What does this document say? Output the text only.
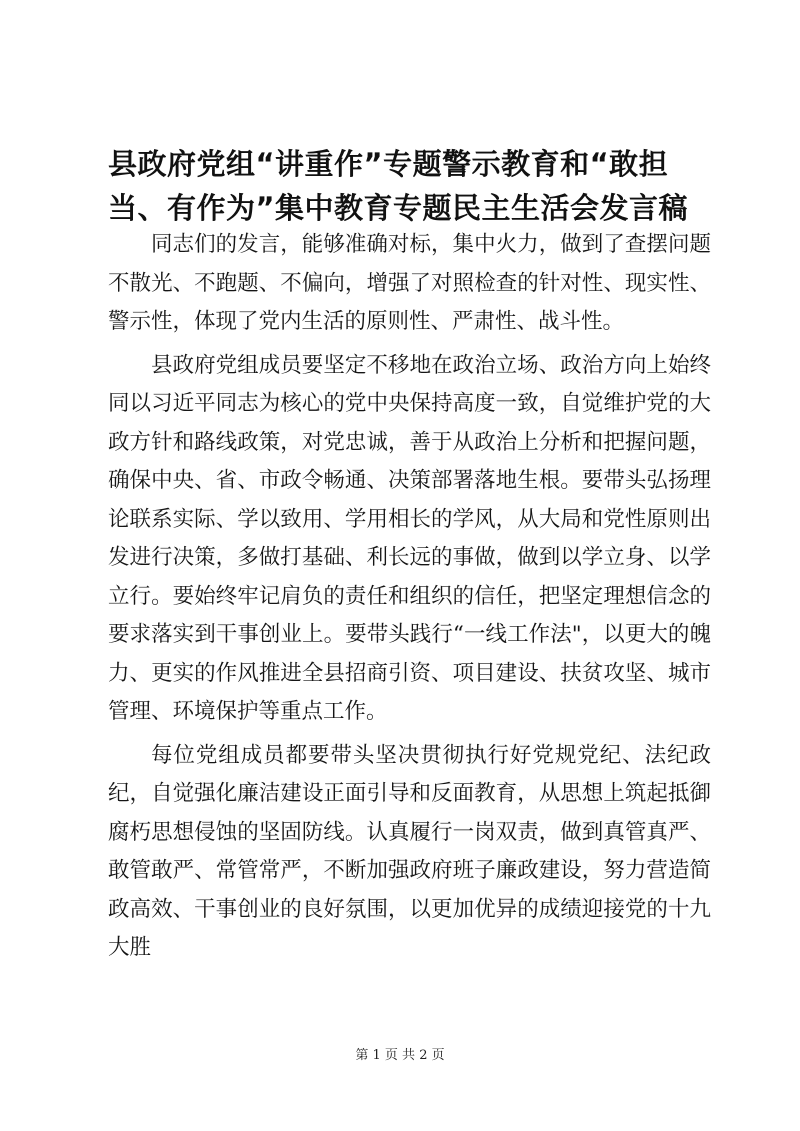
县政府党组“讲重作”专题警示教育和“敢担当、有作为”集中教育专题民主生活会发言稿

同志们的发言，能够准确对标，集中火力，做到了查摆问题不散光、不跑题、不偏向，增强了对照检查的针对性、现实性、警示性，体现了党内生活的原则性、严肃性、战斗性。

县政府党组成员要坚定不移地在政治立场、政治方向上始终同以习近平同志为核心的党中央保持高度一致，自觉维护党的大政方针和路线政策，对党忠诚，善于从政治上分析和把握问题，确保中央、省、市政令畅通、决策部署落地生根。要带头弘扬理论联系实际、学以致用、学用相长的学风，从大局和党性原则出发进行决策，多做打基础、利长远的事做，做到以学立身、以学立行。要始终牢记肩负的责任和组织的信任，把坚定理想信念的要求落实到干事创业上。要带头践行“一线工作法"，以更大的魄力、更实的作风推进全县招商引资、项目建设、扶贫攻坚、城市管理、环境保护等重点工作。

每位党组成员都要带头坚决贯彻执行好党规党纪、法纪政纪，自觉强化廉洁建设正面引导和反面教育，从思想上筑起抵御腐朽思想侵蚀的坚固防线。认真履行一岗双责，做到真管真严、敢管敢严、常管常严，不断加强政府班子廉政建设，努力营造简政高效、干事创业的良好氛围，以更加优异的成绩迎接党的十九大胜

第 1 页 共 2 页
